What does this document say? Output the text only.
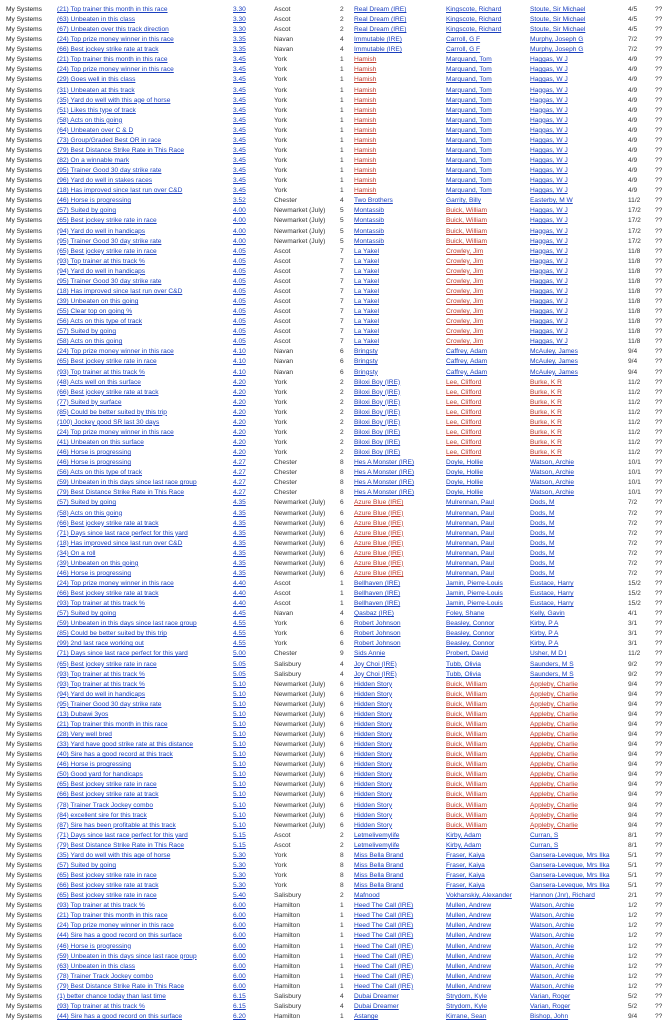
My Systems	(21) Top trainer this month in this race	3.30	Ascot	2	Real Dream (IRE)	Kingscote, Richard	Stoute, Sir Michael	4/5	??
My Systems	(63) Unbeaten in this class	3.30	Ascot	2	Real Dream (IRE)	Kingscote, Richard	Stoute, Sir Michael	4/5	??
My Systems	(67) Unbeaten over this track direction	3.30	Ascot	2	Real Dream (IRE)	Kingscote, Richard	Stoute, Sir Michael	4/5	??
My Systems	(24) Top prize money winner in this race	3.35	Navan	4	Immutable (IRE)	Carroll, G F	Murphy, Joseph G	7/2	??
My Systems	(66) Best jockey strike rate at track	3.35	Navan	4	Immutable (IRE)	Carroll, G F	Murphy, Joseph G	7/2	??
My Systems	(21) Top trainer this month in this race	3.45	York	1	Hamish	Marquand, Tom	Haggas, W J	4/9	??
My Systems	(24) Top prize money winner in this race	3.45	York	1	Hamish	Marquand, Tom	Haggas, W J	4/9	??
My Systems	(29) Goes well in this class	3.45	York	1	Hamish	Marquand, Tom	Haggas, W J	4/9	??
My Systems	(31) Unbeaten at this track	3.45	York	1	Hamish	Marquand, Tom	Haggas, W J	4/9	??
My Systems	(35) Yard do well with this age of horse	3.45	York	1	Hamish	Marquand, Tom	Haggas, W J	4/9	??
My Systems	(51) Likes this type of track	3.45	York	1	Hamish	Marquand, Tom	Haggas, W J	4/9	??
My Systems	(58) Acts on this going	3.45	York	1	Hamish	Marquand, Tom	Haggas, W J	4/9	??
My Systems	(64) Unbeaten over C & D	3.45	York	1	Hamish	Marquand, Tom	Haggas, W J	4/9	??
My Systems	(73) Group/Graded Best OR in race	3.45	York	1	Hamish	Marquand, Tom	Haggas, W J	4/9	??
My Systems	(79) Best Distance Strike Rate in This Race	3.45	York	1	Hamish	Marquand, Tom	Haggas, W J	4/9	??
My Systems	(82) On a winnable mark	3.45	York	1	Hamish	Marquand, Tom	Haggas, W J	4/9	??
My Systems	(95) Trainer Good 30 day strike rate	3.45	York	1	Hamish	Marquand, Tom	Haggas, W J	4/9	??
My Systems	(96) Yard do well in stakes races	3.45	York	1	Hamish	Marquand, Tom	Haggas, W J	4/9	??
My Systems	(18) Has improved since last run over C&D	3.45	York	1	Hamish	Marquand, Tom	Haggas, W J	4/9	??
My Systems	(46) Horse is progressing	3.52	Chester	4	Two Brothers	Garrity, Billy	Easterby, M W	11/2	??
My Systems	(57) Suited by going	4.00	Newmarket (July)	5	Montassib	Buick, William	Haggas, W J	17/2	??
My Systems	(65) Best jockey strike rate in race	4.00	Newmarket (July)	5	Montassib	Buick, William	Haggas, W J	17/2	??
My Systems	(94) Yard do well in handicaps	4.00	Newmarket (July)	5	Montassib	Buick, William	Haggas, W J	17/2	??
My Systems	(95) Trainer Good 30 day strike rate	4.00	Newmarket (July)	5	Montassib	Buick, William	Haggas, W J	17/2	??
My Systems	(65) Best jockey strike rate in race	4.05	Ascot	7	La Yakel	Crowley, Jim	Haggas, W J	11/8	??
My Systems	(93) Top trainer at this track %	4.05	Ascot	7	La Yakel	Crowley, Jim	Haggas, W J	11/8	??
My Systems	(94) Yard do well in handicaps	4.05	Ascot	7	La Yakel	Crowley, Jim	Haggas, W J	11/8	??
My Systems	(95) Trainer Good 30 day strike rate	4.05	Ascot	7	La Yakel	Crowley, Jim	Haggas, W J	11/8	??
My Systems	(18) Has improved since last run over C&D	4.05	Ascot	7	La Yakel	Crowley, Jim	Haggas, W J	11/8	??
My Systems	(39) Unbeaten on this going	4.05	Ascot	7	La Yakel	Crowley, Jim	Haggas, W J	11/8	??
My Systems	(55) Clear top on going %	4.05	Ascot	7	La Yakel	Crowley, Jim	Haggas, W J	11/8	??
My Systems	(56) Acts on this type of track	4.05	Ascot	7	La Yakel	Crowley, Jim	Haggas, W J	11/8	??
My Systems	(57) Suited by going	4.05	Ascot	7	La Yakel	Crowley, Jim	Haggas, W J	11/8	??
My Systems	(58) Acts on this going	4.05	Ascot	7	La Yakel	Crowley, Jim	Haggas, W J	11/8	??
My Systems	(24) Top prize money winner in this race	4.10	Navan	6	Bringsty	Caffrey, Adam	McAuley, James	9/4	??
My Systems	(65) Best jockey strike rate in race	4.10	Navan	6	Bringsty	Caffrey, Adam	McAuley, James	9/4	??
My Systems	(93) Top trainer at this track %	4.10	Navan	6	Bringsty	Caffrey, Adam	McAuley, James	9/4	??
My Systems	(48) Acts well on this surface	4.20	York	2	Biloxi Boy (IRE)	Lee, Clifford	Burke, K R	11/2	??
My Systems	(66) Best jockey strike rate at track	4.20	York	2	Biloxi Boy (IRE)	Lee, Clifford	Burke, K R	11/2	??
My Systems	(77) Suited by surface	4.20	York	2	Biloxi Boy (IRE)	Lee, Clifford	Burke, K R	11/2	??
My Systems	(85) Could be better suited by this trip	4.20	York	2	Biloxi Boy (IRE)	Lee, Clifford	Burke, K R	11/2	??
My Systems	(100) Jockey good SR last 30 days	4.20	York	2	Biloxi Boy (IRE)	Lee, Clifford	Burke, K R	11/2	??
My Systems	(24) Top prize money winner in this race	4.20	York	2	Biloxi Boy (IRE)	Lee, Clifford	Burke, K R	11/2	??
My Systems	(41) Unbeaten on this surface	4.20	York	2	Biloxi Boy (IRE)	Lee, Clifford	Burke, K R	11/2	??
My Systems	(46) Horse is progressing	4.20	York	2	Biloxi Boy (IRE)	Lee, Clifford	Burke, K R	11/2	??
My Systems	(46) Horse is progressing	4.27	Chester	8	Hes A Monster (IRE)	Doyle, Hollie	Watson, Archie	10/1	??
My Systems	(56) Acts on this type of track	4.27	Chester	8	Hes A Monster (IRE)	Doyle, Hollie	Watson, Archie	10/1	??
My Systems	(59) Unbeaten in this days since last race group	4.27	Chester	8	Hes A Monster (IRE)	Doyle, Hollie	Watson, Archie	10/1	??
My Systems	(79) Best Distance Strike Rate in This Race	4.27	Chester	8	Hes A Monster (IRE)	Doyle, Hollie	Watson, Archie	10/1	??
My Systems	(57) Suited by going	4.35	Newmarket (July)	6	Azure Blue (IRE)	Mulrennan, Paul	Dods, M	7/2	??
My Systems	(58) Acts on this going	4.35	Newmarket (July)	6	Azure Blue (IRE)	Mulrennan, Paul	Dods, M	7/2	??
My Systems	(66) Best jockey strike rate at track	4.35	Newmarket (July)	6	Azure Blue (IRE)	Mulrennan, Paul	Dods, M	7/2	??
My Systems	(71) Days since last race perfect for this yard	4.35	Newmarket (July)	6	Azure Blue (IRE)	Mulrennan, Paul	Dods, M	7/2	??
My Systems	(18) Has improved since last run over C&D	4.35	Newmarket (July)	6	Azure Blue (IRE)	Mulrennan, Paul	Dods, M	7/2	??
My Systems	(34) On a roll	4.35	Newmarket (July)	6	Azure Blue (IRE)	Mulrennan, Paul	Dods, M	7/2	??
My Systems	(39) Unbeaten on this going	4.35	Newmarket (July)	6	Azure Blue (IRE)	Mulrennan, Paul	Dods, M	7/2	??
My Systems	(46) Horse is progressing	4.35	Newmarket (July)	6	Azure Blue (IRE)	Mulrennan, Paul	Dods, M	7/2	??
My Systems	(24) Top prize money winner in this race	4.40	Ascot	1	Bellhaven (IRE)	Jamin, Pierre-Louis	Eustace, Harry	15/2	??
My Systems	(66) Best jockey strike rate at track	4.40	Ascot	1	Bellhaven (IRE)	Jamin, Pierre-Louis	Eustace, Harry	15/2	??
My Systems	(93) Top trainer at this track %	4.40	Ascot	1	Bellhaven (IRE)	Jamin, Pierre-Louis	Eustace, Harry	15/2	??
My Systems	(57) Suited by going	4.45	Navan	4	Qasbaz (IRE)	Foley, Shane	Kelly, Gavin	4/1	??
My Systems	(59) Unbeaten in this days since last race group	4.55	York	6	Robert Johnson	Beasley, Connor	Kirby, P A	3/1	??
My Systems	(85) Could be better suited by this trip	4.55	York	6	Robert Johnson	Beasley, Connor	Kirby, P A	3/1	??
My Systems	(99) 2nd last race working out	4.55	York	6	Robert Johnson	Beasley, Connor	Kirby, P A	3/1	??
My Systems	(71) Days since last race perfect for this yard	5.00	Chester	9	Sids Annie	Probert, David	Usher, M D I	11/2	??
My Systems	(65) Best jockey strike rate in race	5.05	Salisbury	4	Joy Choi (IRE)	Tubb, Olivia	Saunders, M S	9/2	??
My Systems	(93) Top trainer at this track %	5.05	Salisbury	4	Joy Choi (IRE)	Tubb, Olivia	Saunders, M S	9/2	??
My Systems	(93) Top trainer at this track %	5.10	Newmarket (July)	6	Hidden Story	Buick, William	Appleby, Charlie	9/4	??
My Systems	(94) Yard do well in handicaps	5.10	Newmarket (July)	6	Hidden Story	Buick, William	Appleby, Charlie	9/4	??
My Systems	(95) Trainer Good 30 day strike rate	5.10	Newmarket (July)	6	Hidden Story	Buick, William	Appleby, Charlie	9/4	??
My Systems	(13) Dubawi 3yos	5.10	Newmarket (July)	6	Hidden Story	Buick, William	Appleby, Charlie	9/4	??
My Systems	(21) Top trainer this month in this race	5.10	Newmarket (July)	6	Hidden Story	Buick, William	Appleby, Charlie	9/4	??
My Systems	(28) Very well bred	5.10	Newmarket (July)	6	Hidden Story	Buick, William	Appleby, Charlie	9/4	??
My Systems	(33) Yard have good strike rate at this distance	5.10	Newmarket (July)	6	Hidden Story	Buick, William	Appleby, Charlie	9/4	??
My Systems	(40) Sire has a good record at this track	5.10	Newmarket (July)	6	Hidden Story	Buick, William	Appleby, Charlie	9/4	??
My Systems	(46) Horse is progressing	5.10	Newmarket (July)	6	Hidden Story	Buick, William	Appleby, Charlie	9/4	??
My Systems	(50) Good yard for handicaps	5.10	Newmarket (July)	6	Hidden Story	Buick, William	Appleby, Charlie	9/4	??
My Systems	(65) Best jockey strike rate in race	5.10	Newmarket (July)	6	Hidden Story	Buick, William	Appleby, Charlie	9/4	??
My Systems	(66) Best jockey strike rate at track	5.10	Newmarket (July)	6	Hidden Story	Buick, William	Appleby, Charlie	9/4	??
My Systems	(78) Trainer Track Jockey combo	5.10	Newmarket (July)	6	Hidden Story	Buick, William	Appleby, Charlie	9/4	??
My Systems	(84) excellent sire for this track	5.10	Newmarket (July)	6	Hidden Story	Buick, William	Appleby, Charlie	9/4	??
My Systems	(87) Sire has been profitable at this track	5.10	Newmarket (July)	6	Hidden Story	Buick, William	Appleby, Charlie	9/4	??
My Systems	(71) Days since last race perfect for this yard	5.15	Ascot	2	Letmelivemylife	Kirby, Adam	Curran, S	8/1	??
My Systems	(79) Best Distance Strike Rate in This Race	5.15	Ascot	2	Letmelivemylife	Kirby, Adam	Curran, S	8/1	??
My Systems	(35) Yard do well with this age of horse	5.30	York	8	Miss Bella Brand	Fraser, Kaiya	Gansera-Leveque, Mrs Ilka	5/1	??
My Systems	(57) Suited by going	5.30	York	8	Miss Bella Brand	Fraser, Kaiya	Gansera-Leveque, Mrs Ilka	5/1	??
My Systems	(65) Best jockey strike rate in race	5.30	York	8	Miss Bella Brand	Fraser, Kaiya	Gansera-Leveque, Mrs Ilka	5/1	??
My Systems	(66) Best jockey strike rate at track	5.30	York	8	Miss Bella Brand	Fraser, Kaiya	Gansera-Leveque, Mrs Ilka	5/1	??
My Systems	(65) Best jockey strike rate in race	5.40	Salisbury	2	Mafnood	Vokhanskiy, Alexander	Hannon (Jnr), Richard	2/1	??
My Systems	(93) Top trainer at this track %	6.00	Hamilton	1	Heed The Call (IRE)	Mullen, Andrew	Watson, Archie	1/2	??
My Systems	(21) Top trainer this month in this race	6.00	Hamilton	1	Heed The Call (IRE)	Mullen, Andrew	Watson, Archie	1/2	??
My Systems	(24) Top prize money winner in this race	6.00	Hamilton	1	Heed The Call (IRE)	Mullen, Andrew	Watson, Archie	1/2	??
My Systems	(44) Sire has a good record on this surface	6.00	Hamilton	1	Heed The Call (IRE)	Mullen, Andrew	Watson, Archie	1/2	??
My Systems	(46) Horse is progressing	6.00	Hamilton	1	Heed The Call (IRE)	Mullen, Andrew	Watson, Archie	1/2	??
My Systems	(59) Unbeaten in this days since last race group	6.00	Hamilton	1	Heed The Call (IRE)	Mullen, Andrew	Watson, Archie	1/2	??
My Systems	(63) Unbeaten in this class	6.00	Hamilton	1	Heed The Call (IRE)	Mullen, Andrew	Watson, Archie	1/2	??
My Systems	(78) Trainer Track Jockey combo	6.00	Hamilton	1	Heed The Call (IRE)	Mullen, Andrew	Watson, Archie	1/2	??
My Systems	(79) Best Distance Strike Rate in This Race	6.00	Hamilton	1	Heed The Call (IRE)	Mullen, Andrew	Watson, Archie	1/2	??
My Systems	(1) better chance today than last time	6.15	Salisbury	4	Dubai Dreamer	Strydom, Kyle	Varian, Roger	5/2	??
My Systems	(93) Top trainer at this track %	6.15	Salisbury	4	Dubai Dreamer	Strydom, Kyle	Varian, Roger	5/2	??
My Systems	(44) Sire has a good record on this surface	6.20	Hamilton	1	Astange	Kirrane, Sean	Bishop, John	9/4	??
